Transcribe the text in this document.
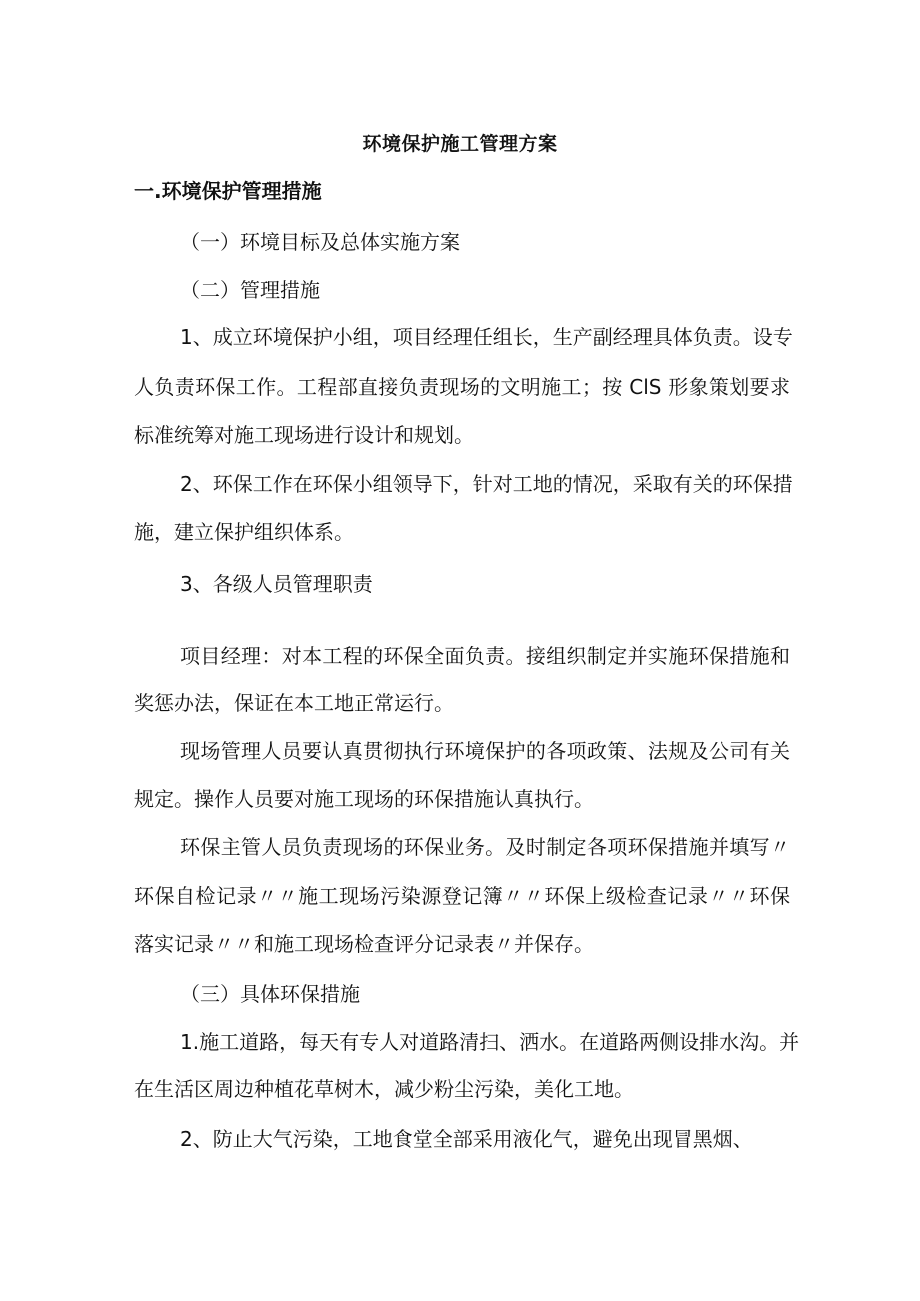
环境保护施工管理方案
一.环境保护管理措施
（一）环境目标及总体实施方案
（二）管理措施
1、成立环境保护小组，项目经理任组长，生产副经理具体负责。设专
人负责环保工作。工程部直接负责现场的文明施工；按 ClS 形象策划要求
标准统筹对施工现场进行设计和规划。
2、环保工作在环保小组领导下，针对工地的情况，采取有关的环保措
施，建立保护组织体系。
3、各级人员管理职责
项目经理：对本工程的环保全面负责。接组织制定并实施环保措施和
奖惩办法，保证在本工地正常运行。
现场管理人员要认真贯彻执行环境保护的各项政策、法规及公司有关
规定。操作人员要对施工现场的环保措施认真执行。
环保主管人员负责现场的环保业务。及时制定各项环保措施并填写〃
环保自检记录〃〃施工现场污染源登记簿〃〃环保上级检查记录〃〃环保
落实记录〃〃和施工现场检查评分记录表〃并保存。
（三）具体环保措施
1.施工道路，每天有专人对道路清扫、洒水。在道路两侧设排水沟。并
在生活区周边种植花草树木，减少粉尘污染，美化工地。
2、防止大气污染，工地食堂全部采用液化气，避免出现冒黑烟、
